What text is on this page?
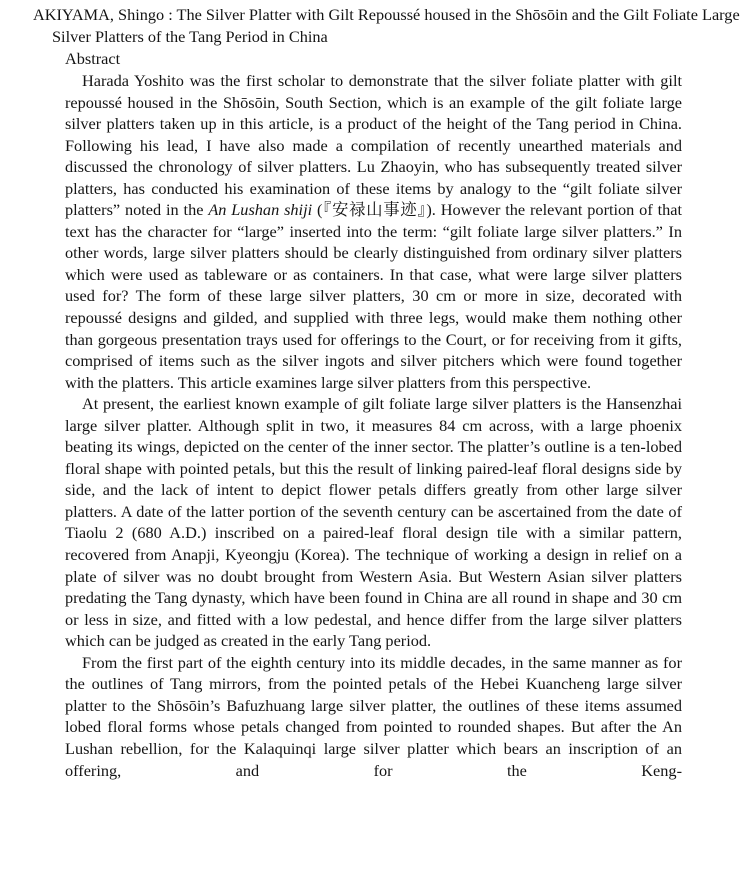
AKIYAMA, Shingo : The Silver Platter with Gilt Repoussé housed in the Shōsōin and the Gilt Foliate Large Silver Platters of the Tang Period in China
Abstract

Harada Yoshito was the first scholar to demonstrate that the silver foliate platter with gilt repoussé housed in the Shōsōin, South Section, which is an example of the gilt foliate large silver platters taken up in this article, is a product of the height of the Tang period in China. Following his lead, I have also made a compilation of recently unearthed materials and discussed the chronology of silver platters. Lu Zhaoyin, who has subsequently treated silver platters, has conducted his examination of these items by analogy to the “gilt foliate silver platters” noted in the An Lushan shiji (『安禄山事迹』). However the relevant portion of that text has the character for “large” inserted into the term: “gilt foliate large silver platters.” In other words, large silver platters should be clearly distinguished from ordinary silver platters which were used as tableware or as containers. In that case, what were large silver platters used for? The form of these large silver platters, 30 cm or more in size, decorated with repoussé designs and gilded, and supplied with three legs, would make them nothing other than gorgeous presentation trays used for offerings to the Court, or for receiving from it gifts, comprised of items such as the silver ingots and silver pitchers which were found together with the platters. This article examines large silver platters from this perspective.

At present, the earliest known example of gilt foliate large silver platters is the Hansenzhai large silver platter. Although split in two, it measures 84 cm across, with a large phoenix beating its wings, depicted on the center of the inner sector. The platter’s outline is a ten-lobed floral shape with pointed petals, but this the result of linking paired-leaf floral designs side by side, and the lack of intent to depict flower petals differs greatly from other large silver platters. A date of the latter portion of the seventh century can be ascertained from the date of Tiaolu 2 (680 A.D.) inscribed on a paired-leaf floral design tile with a similar pattern, recovered from Anapji, Kyeongju (Korea). The technique of working a design in relief on a plate of silver was no doubt brought from Western Asia. But Western Asian silver platters predating the Tang dynasty, which have been found in China are all round in shape and 30 cm or less in size, and fitted with a low pedestal, and hence differ from the large silver platters which can be judged as created in the early Tang period.

From the first part of the eighth century into its middle decades, in the same manner as for the outlines of Tang mirrors, from the pointed petals of the Hebei Kuancheng large silver platter to the Shōsōin’s Bafuzhuang large silver platter, the outlines of these items assumed lobed floral forms whose petals changed from pointed to rounded shapes. But after the An Lushan rebellion, for the Kalaquinqi large silver platter which bears an inscription of an offering, and for the Keng-
